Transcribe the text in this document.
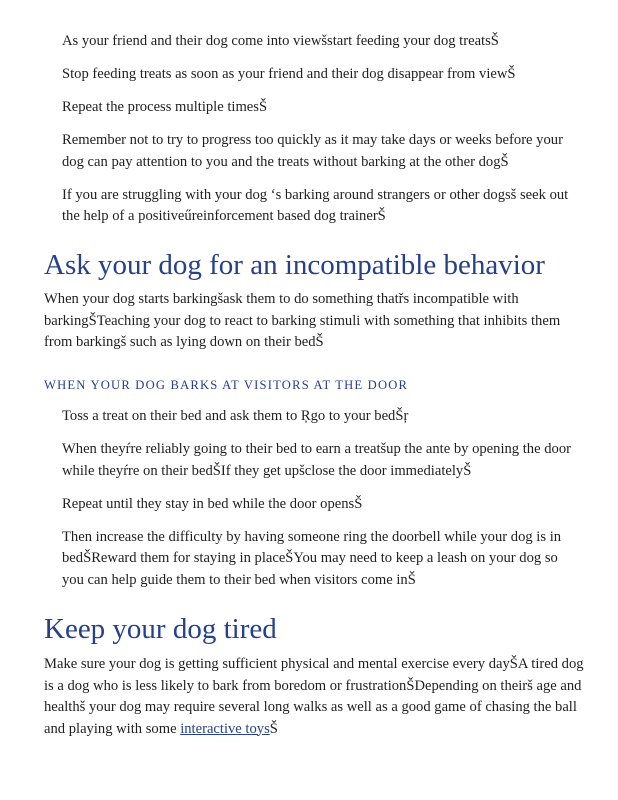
As your friend and their dog come into viewšstart feeding your dog treatsŠ
Stop feeding treats as soon as your friend and their dog disappear from viewŠ
Repeat the process multiple timesŠ
Remember not to try to progress too quickly as it may take days or weeks before your dog can pay attention to you and the treats without barking at the other dogŠ
If you are struggling with your dog ‘s barking around strangers or other dogsš seek out the help of a positiveűreinforcement based dog trainerŠ
Ask your dog for an incompatible behavior

When your dog starts barkingšask them to do something thatřs incompatible with barkingŠTeaching your dog to react to barking stimuli with something that inhibits them from barkingš such as lying down on their bedŠ

WHEN YOUR DOG BARKS AT VISITORS AT THE DOOR
Toss a treat on their bed and ask them to Ŗgo to your bedŠŗ
When theyŕre reliably going to their bed to earn a treatšup the ante by opening the door while theyŕre on their bedŠIf they get upšclose the door immediatelyŠ
Repeat until they stay in bed while the door opensŠ
Then increase the difficulty by having someone ring the doorbell while your dog is in bedŠReward them for staying in placeŠYou may need to keep a leash on your dog so you can help guide them to their bed when visitors come inŠ
Keep your dog tired

Make sure your dog is getting sufficient physical and mental exercise every dayŠA tired dog is a dog who is less likely to bark from boredom or frustrationŠDepending on theirš age and healthš your dog may require several long walks as well as a good game of chasing the ball and playing with some interactive toysŠ
